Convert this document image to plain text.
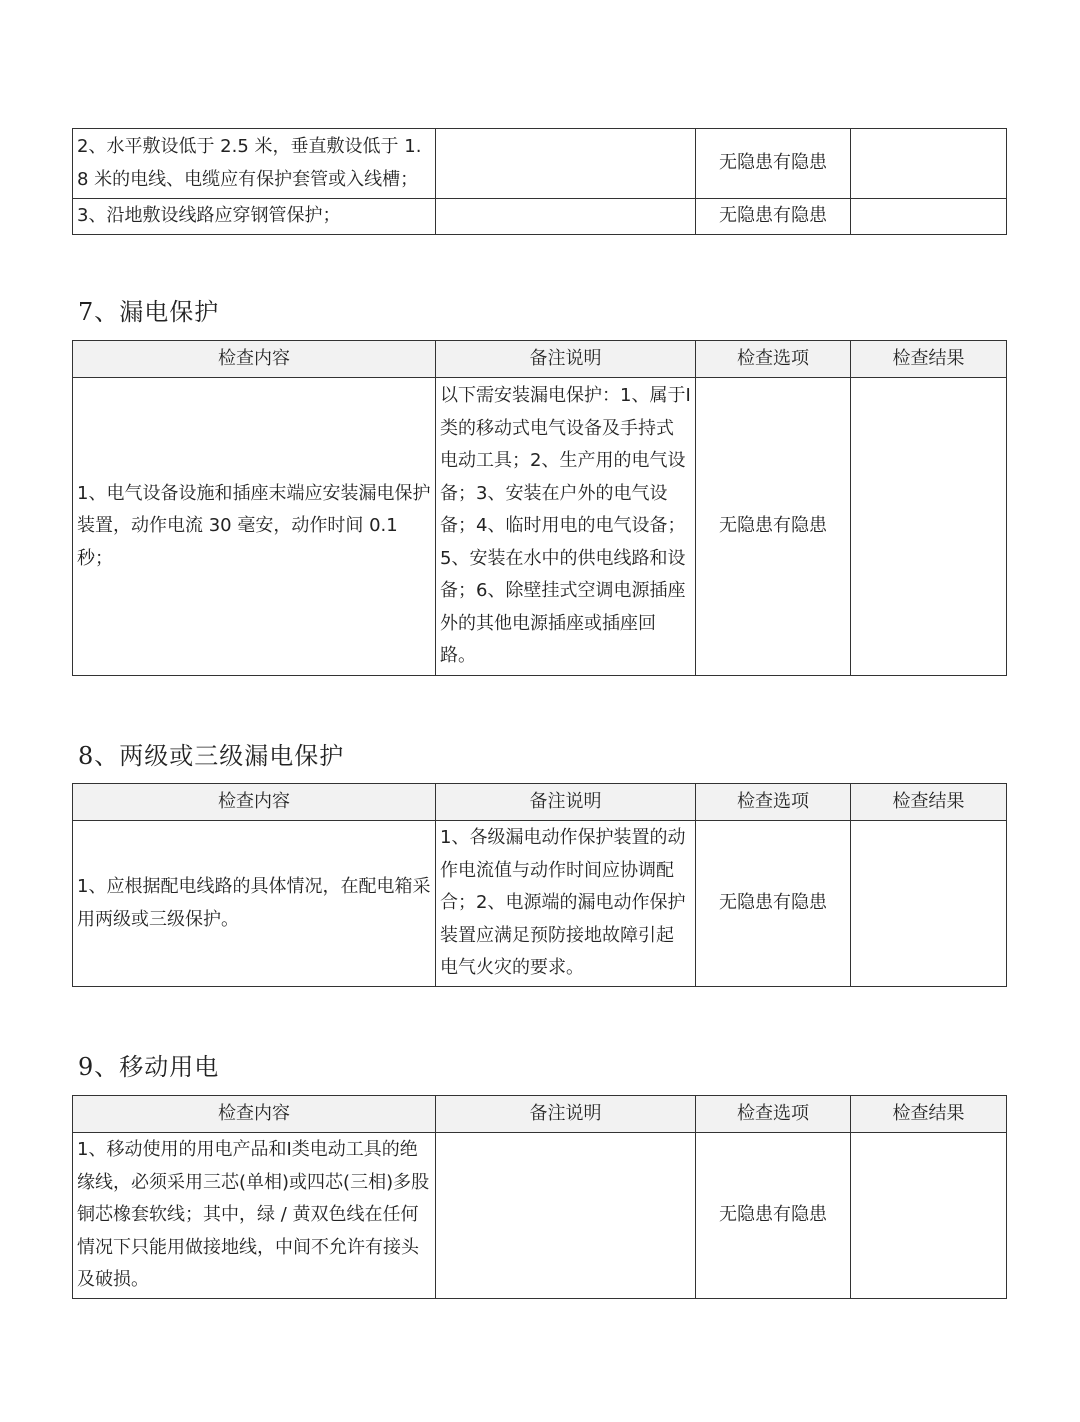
2、水平敷设低于 2.5 米，垂直敷设低于 1.8 米的电线、电缆应有保护套管或入线槽；		无隐患有隐患	
3、沿地敷设线路应穿钢管保护；		无隐患有隐患	
7、漏电保护
检查内容	备注说明	检查选项	检查结果
1、电气设备设施和插座末端应安装漏电保护装置，动作电流 30 毫安，动作时间 0.1秒；	以下需安装漏电保护：1、属于Ⅰ类的移动式电气设备及手持式电动工具；2、生产用的电气设备；3、安装在户外的电气设备；4、临时用电的电气设备；5、安装在水中的供电线路和设备；6、除壁挂式空调电源插座外的其他电源插座或插座回路。	无隐患有隐患	
8、两级或三级漏电保护
检查内容	备注说明	检查选项	检查结果
1、应根据配电线路的具体情况，在配电箱采用两级或三级保护。	1、各级漏电动作保护装置的动作电流值与动作时间应协调配合；2、电源端的漏电动作保护装置应满足预防接地故障引起电气火灾的要求。	无隐患有隐患	
9、移动用电
检查内容	备注说明	检查选项	检查结果
1、移动使用的用电产品和Ⅰ类电动工具的绝缘线，必须采用三芯(单相)或四芯(三相)多股铜芯橡套软线；其中，绿 / 黄双色线在任何情况下只能用做接地线，中间不允许有接头及破损。		无隐患有隐患	
